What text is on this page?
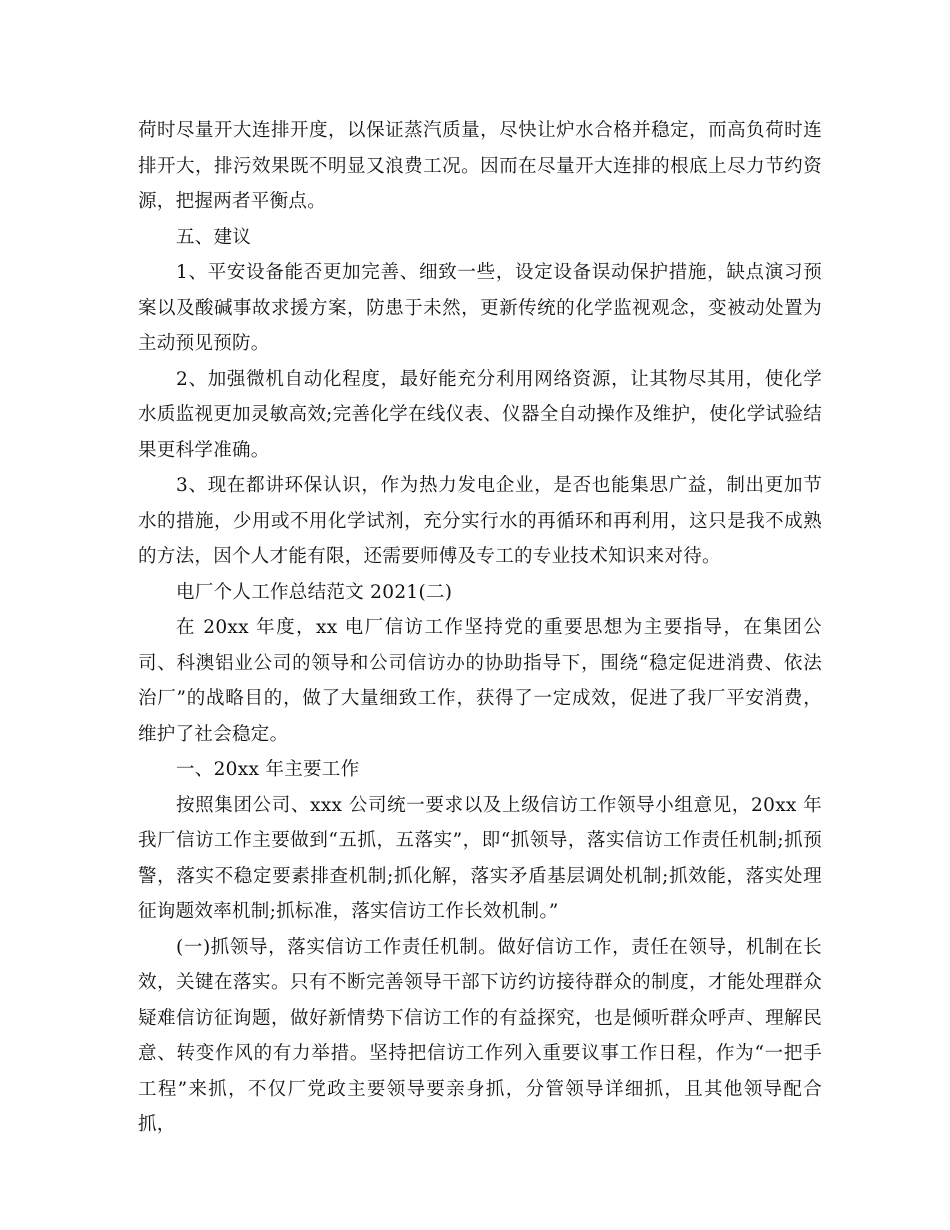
荷时尽量开大连排开度，以保证蒸汽质量，尽快让炉水合格并稳定，而高负荷时连排开大，排污效果既不明显又浪费工况。因而在尽量开大连排的根底上尽力节约资源，把握两者平衡点。

五、建议

1、平安设备能否更加完善、细致一些，设定设备误动保护措施，缺点演习预案以及酸碱事故求援方案，防患于未然，更新传统的化学监视观念，变被动处置为主动预见预防。

2、加强微机自动化程度，最好能充分利用网络资源，让其物尽其用，使化学水质监视更加灵敏高效;完善化学在线仪表、仪器全自动操作及维护，使化学试验结果更科学准确。

3、现在都讲环保认识，作为热力发电企业，是否也能集思广益，制出更加节水的措施，少用或不用化学试剂，充分实行水的再循环和再利用，这只是我不成熟的方法，因个人才能有限，还需要师傅及专工的专业技术知识来对待。

电厂个人工作总结范文 2021(二)

在 20xx 年度，xx 电厂信访工作坚持党的重要思想为主要指导，在集团公司、科澳铝业公司的领导和公司信访办的协助指导下，围绕“稳定促进消费、依法治厂”的战略目的，做了大量细致工作，获得了一定成效，促进了我厂平安消费，维护了社会稳定。

一、20xx 年主要工作

按照集团公司、xxx 公司统一要求以及上级信访工作领导小组意见，20xx 年我厂信访工作主要做到“五抓，五落实”，即“抓领导，落实信访工作责任机制;抓预警，落实不稳定要素排查机制;抓化解，落实矛盾基层调处机制;抓效能，落实处理征询题效率机制;抓标准，落实信访工作长效机制。”

(一)抓领导，落实信访工作责任机制。做好信访工作，责任在领导，机制在长效，关键在落实。只有不断完善领导干部下访约访接待群众的制度，才能处理群众疑难信访征询题，做好新情势下信访工作的有益探究，也是倾听群众呼声、理解民意、转变作风的有力举措。坚持把信访工作列入重要议事工作日程，作为“一把手工程”来抓，不仅厂党政主要领导要亲身抓，分管领导详细抓，且其他领导配合抓，
